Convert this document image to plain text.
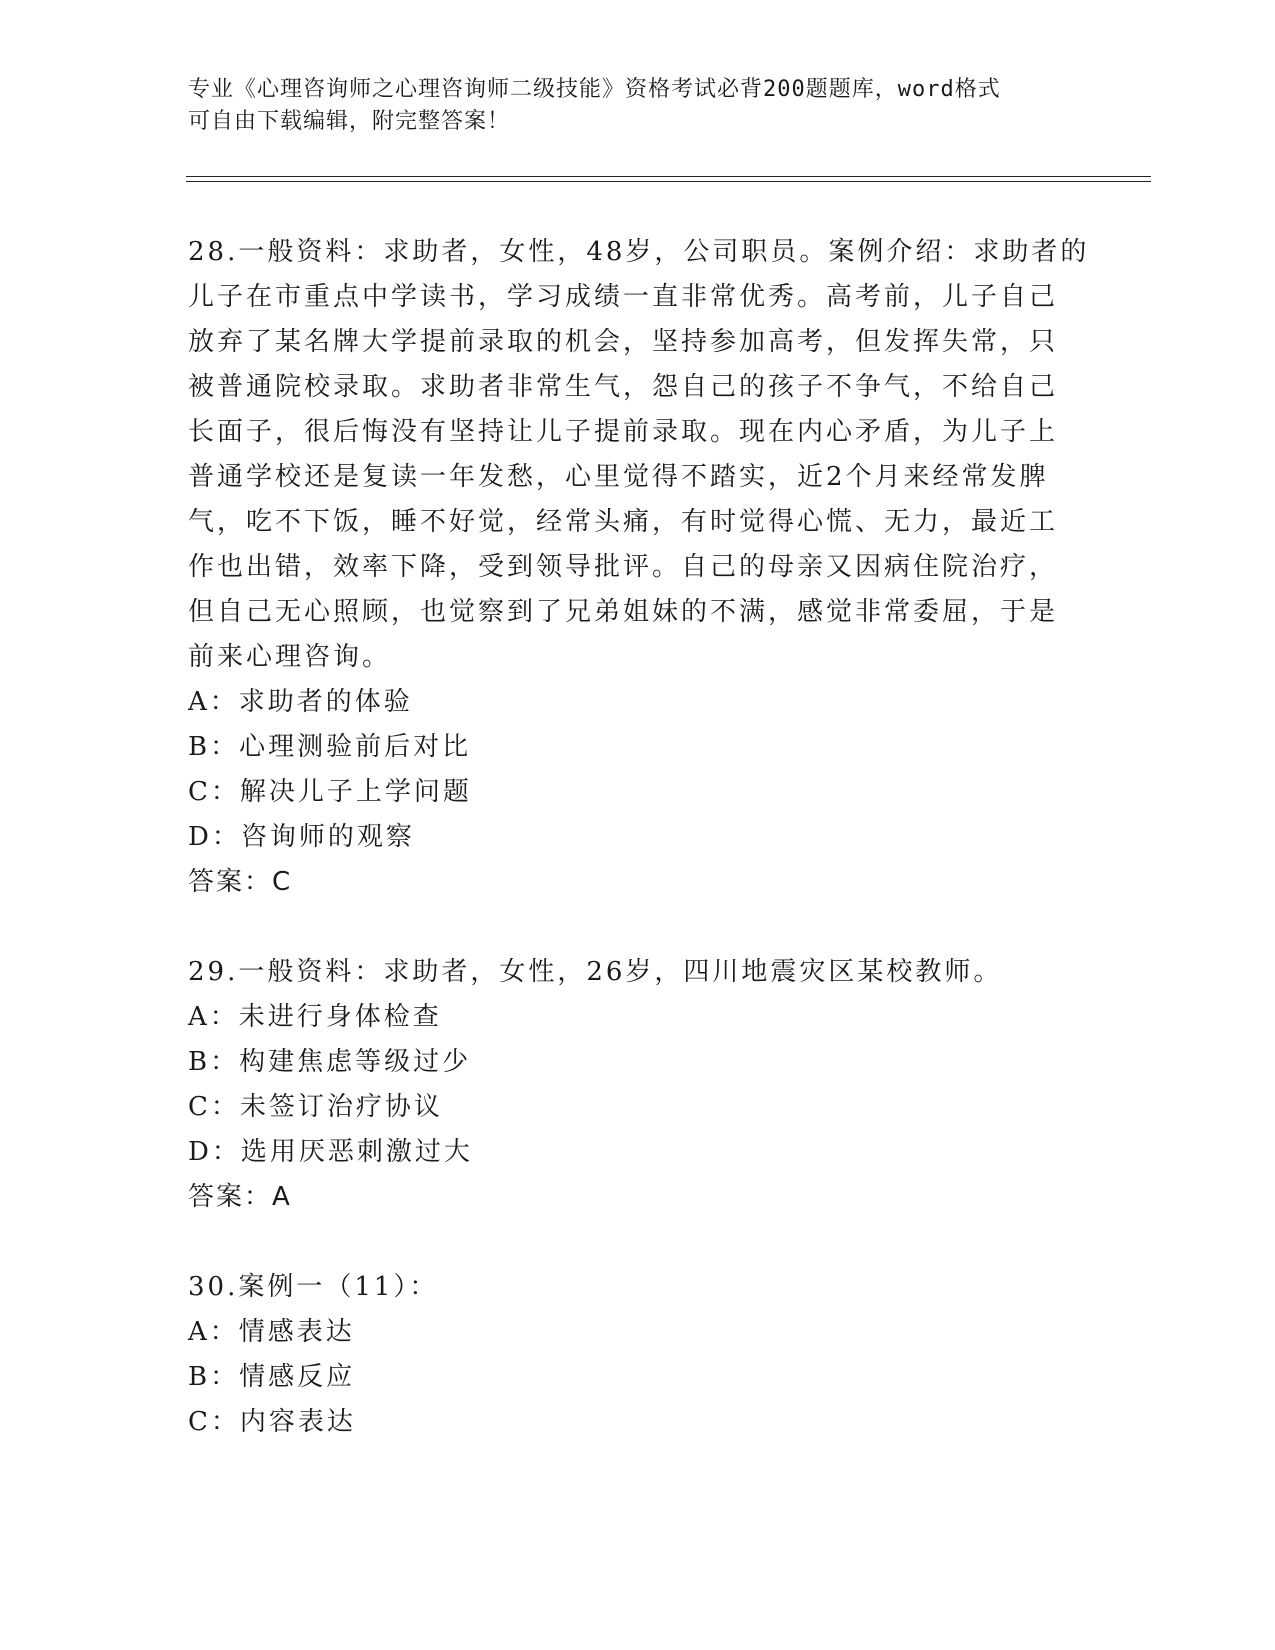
专业《心理咨询师之心理咨询师二级技能》资格考试必背200题题库，word格式
可自由下载编辑，附完整答案！
28.一般资料：求助者，女性，48岁，公司职员。案例介绍：求助者的
儿子在市重点中学读书，学习成绩一直非常优秀。高考前，儿子自己
放弃了某名牌大学提前录取的机会，坚持参加高考，但发挥失常，只
被普通院校录取。求助者非常生气，怨自己的孩子不争气，不给自己
长面子，很后悔没有坚持让儿子提前录取。现在内心矛盾，为儿子上
普通学校还是复读一年发愁，心里觉得不踏实，近2个月来经常发脾
气，吃不下饭，睡不好觉，经常头痛，有时觉得心慌、无力，最近工
作也出错，效率下降，受到领导批评。自己的母亲又因病住院治疗，
但自己无心照顾，也觉察到了兄弟姐妹的不满，感觉非常委屈，于是
前来心理咨询。
A：求助者的体验
B：心理测验前后对比
C：解决儿子上学问题
D：咨询师的观察
答案：C
29.一般资料：求助者，女性，26岁，四川地震灾区某校教师。
A：未进行身体检查
B：构建焦虑等级过少
C：未签订治疗协议
D：选用厌恶刺激过大
答案：A
30.案例一（11）：
A：情感表达
B：情感反应
C：内容表达
